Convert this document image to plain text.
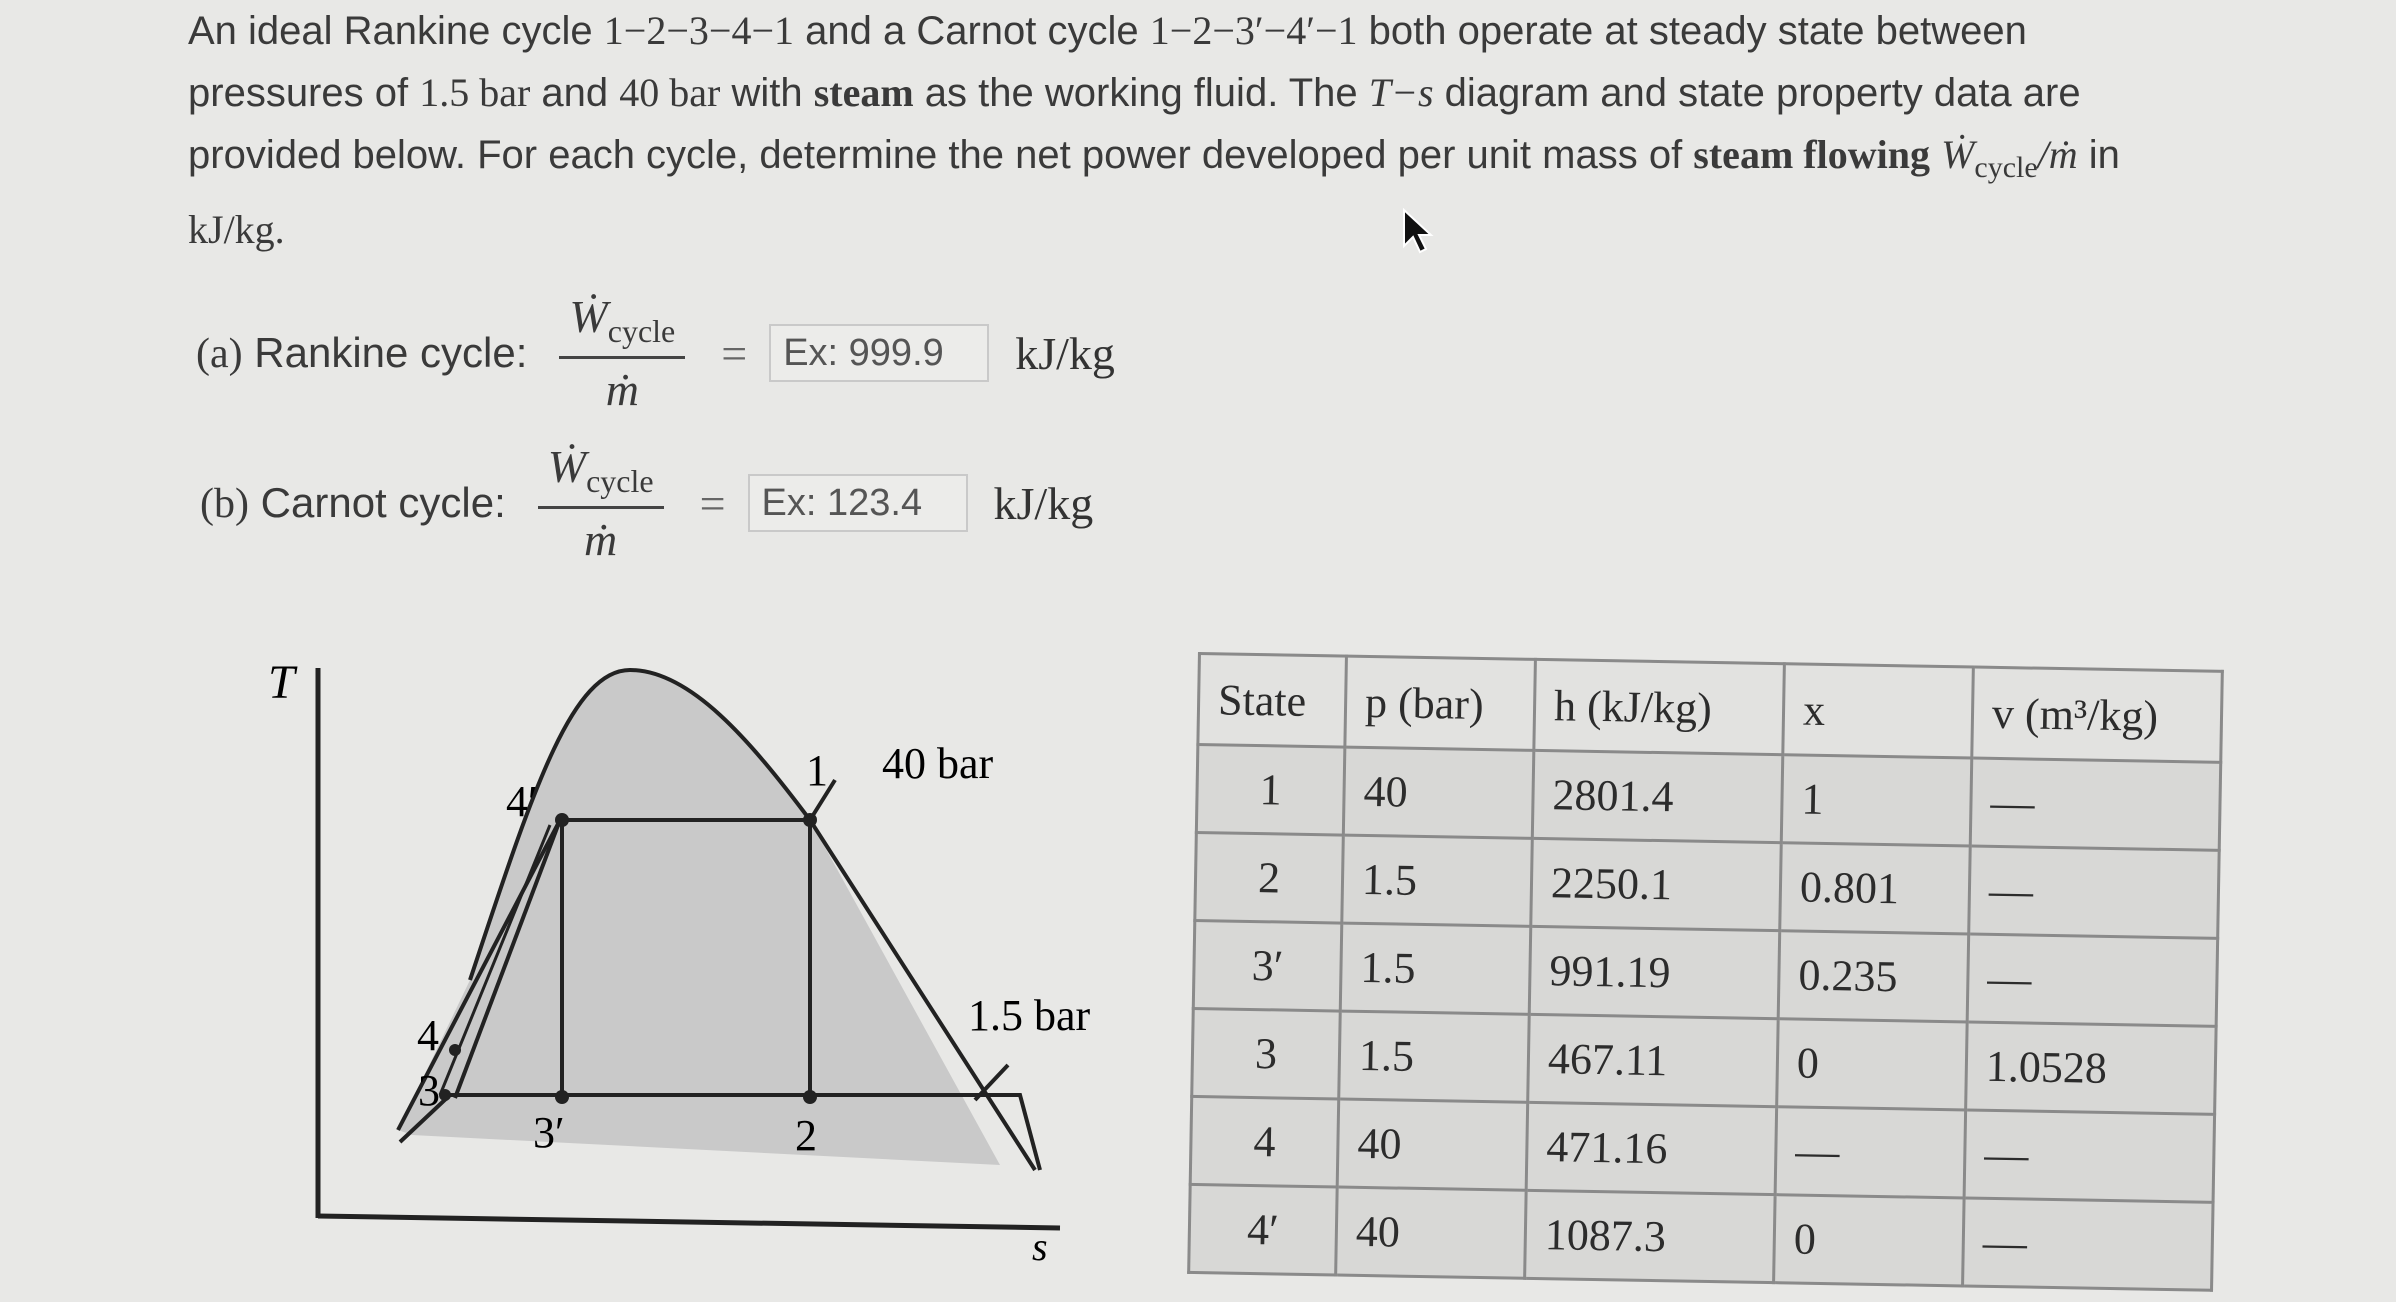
An ideal Rankine cycle 1−2−3−4−1 and a Carnot cycle 1−2−3′−4′−1 both operate at steady state between
pressures of 1.5 bar and 40 bar with steam as the working fluid. The T−s diagram and state property data are
provided below. For each cycle, determine the net power developed per unit mass of steam flowing Ẇ$_{cycle}$/ṁ in
kJ/kg.
(a) Rankine cycle: $\frac{Ẇ_{cycle}}{\text{ṁ}}$ =
Ex: 999.9	kJ/kg
(b) Carnot cycle: $\frac{Ẇ_{cycle}}{\text{ṁ}}$ =
Ex: 123.4	kJ/kg
T
s
40 bar
1.5 bar
1
2
3
3′
4
4′
State	p (bar)	h (kJ/kg)	x	v (m³/kg)
1	40	2801.4	1	—
2	1.5	2250.1	0.801	—
3′	1.5	991.19	0.235	—
3	1.5	467.11	0	1.0528
4	40	471.16	—	—
4′	40	1087.3	0	—
